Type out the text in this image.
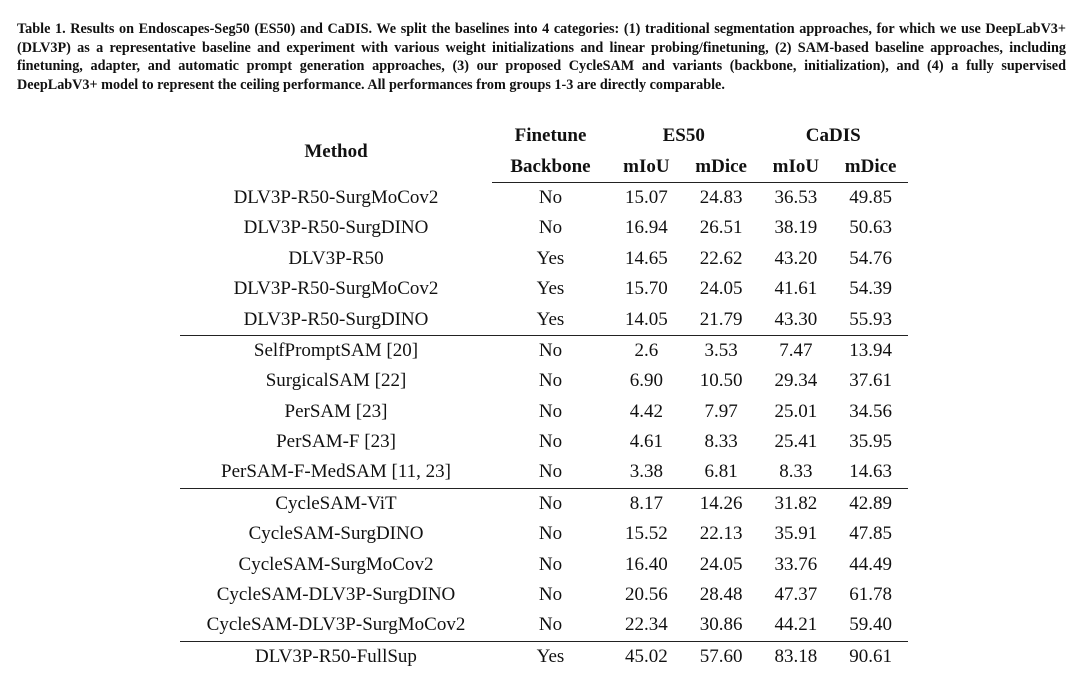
Table 1. Results on Endoscapes-Seg50 (ES50) and CaDIS. We split the baselines into 4 categories: (1) traditional segmentation approaches, for which we use DeepLabV3+ (DLV3P) as a representative baseline and experiment with various weight initializations and linear probing/finetuning, (2) SAM-based baseline approaches, including finetuning, adapter, and automatic prompt generation approaches, (3) our proposed CycleSAM and variants (backbone, initialization), and (4) a fully supervised DeepLabV3+ model to represent the ceiling performance. All performances from groups 1-3 are directly comparable.

Method	Finetune	ES50		CaDIS	
	Backbone	mIoU	mDice	mIoU	mDice
DLV3P-R50-SurgMoCov2	No	15.07	24.83	36.53	49.85
DLV3P-R50-SurgDINO	No	16.94	26.51	38.19	50.63
DLV3P-R50	Yes	14.65	22.62	43.20	54.76
DLV3P-R50-SurgMoCov2	Yes	15.70	24.05	41.61	54.39
DLV3P-R50-SurgDINO	Yes	14.05	21.79	43.30	55.93
SelfPromptSAM [20]	No	2.6	3.53	7.47	13.94
SurgicalSAM [22]	No	6.90	10.50	29.34	37.61
PerSAM [23]	No	4.42	7.97	25.01	34.56
PerSAM-F [23]	No	4.61	8.33	25.41	35.95
PerSAM-F-MedSAM [11, 23]	No	3.38	6.81	8.33	14.63
CycleSAM-ViT	No	8.17	14.26	31.82	42.89
CycleSAM-SurgDINO	No	15.52	22.13	35.91	47.85
CycleSAM-SurgMoCov2	No	16.40	24.05	33.76	44.49
CycleSAM-DLV3P-SurgDINO	No	20.56	28.48	47.37	61.78
CycleSAM-DLV3P-SurgMoCov2	No	22.34	30.86	44.21	59.40
DLV3P-R50-FullSup	Yes	45.02	57.60	83.18	90.61
